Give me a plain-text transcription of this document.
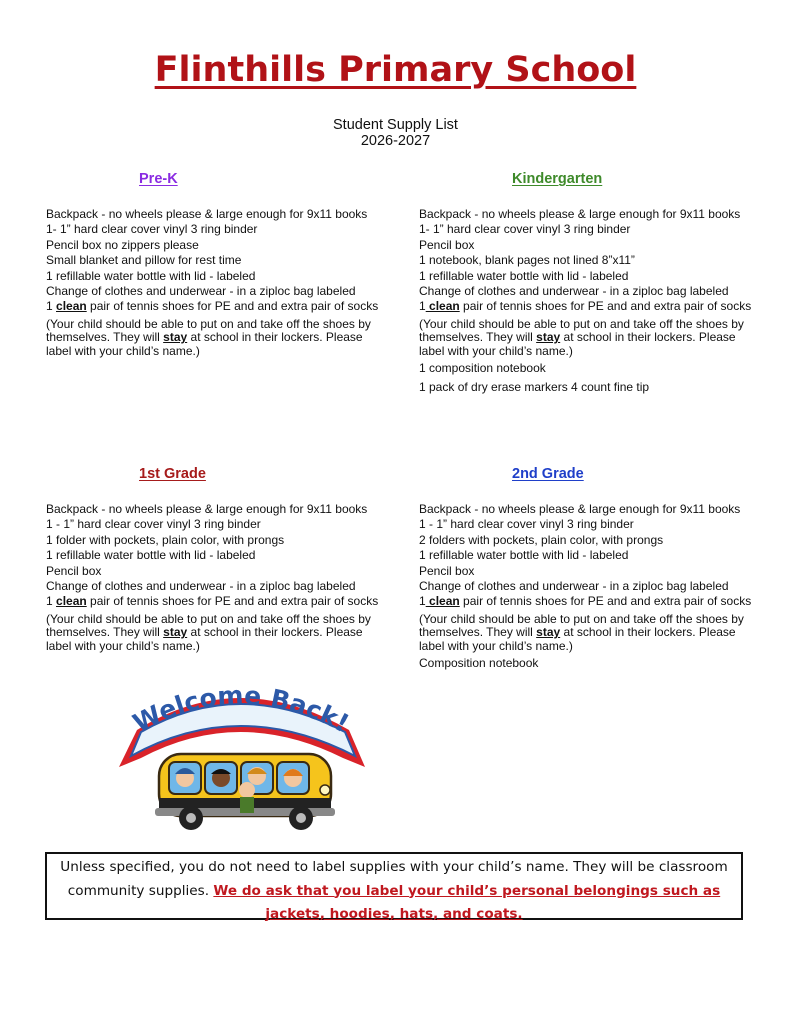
Flinthills Primary School
Student Supply List
2026-2027
Pre-K
Backpack - no wheels please & large enough for 9x11 books
1- 1” hard clear cover vinyl 3 ring binder
Pencil box no zippers please
Small blanket and pillow for rest time
1 refillable water bottle with lid - labeled
Change of clothes and underwear - in a ziploc bag labeled
1 clean pair of tennis shoes for PE and and extra pair of socks
(Your child should be able to put on and take off the shoes by themselves. They will stay at school in their lockers. Please label with your child’s name.)
Kindergarten
Backpack - no wheels please & large enough for 9x11 books
1- 1” hard clear cover vinyl 3 ring binder
Pencil box
1 notebook, blank pages not lined 8”x11”
1 refillable water bottle with lid - labeled
Change of clothes and underwear - in a ziploc bag labeled
1 clean pair of tennis shoes for PE and and extra pair of socks
(Your child should be able to put on and take off the shoes by themselves. They will stay at school in their lockers. Please label with your child’s name.)
1 composition notebook
1 pack of dry erase markers 4 count fine tip
1st Grade
Backpack - no wheels please & large enough for 9x11 books
1 - 1” hard clear cover vinyl 3 ring binder
1 folder with pockets, plain color, with prongs
1 refillable water bottle with lid - labeled
Pencil box
Change of clothes and underwear - in a ziploc bag labeled
1 clean pair of tennis shoes for PE and and extra pair of socks
(Your child should be able to put on and take off the shoes by themselves. They will stay at school in their lockers. Please label with your child’s name.)
2nd Grade
Backpack - no wheels please & large enough for 9x11 books
1 - 1” hard clear cover vinyl 3 ring binder
2 folders with pockets, plain color, with prongs
1 refillable water bottle with lid - labeled
Pencil box
Change of clothes and underwear - in a ziploc bag labeled
1 clean pair of tennis shoes for PE and and extra pair of socks
(Your child should be able to put on and take off the shoes by themselves. They will stay at school in their lockers. Please label with your child’s name.)
Composition notebook
Welcome Back!
Unless specified, you do not need to label supplies with your child’s name. They will be classroom community supplies. We do ask that you label your child’s personal belongings such as jackets, hoodies, hats, and coats.
